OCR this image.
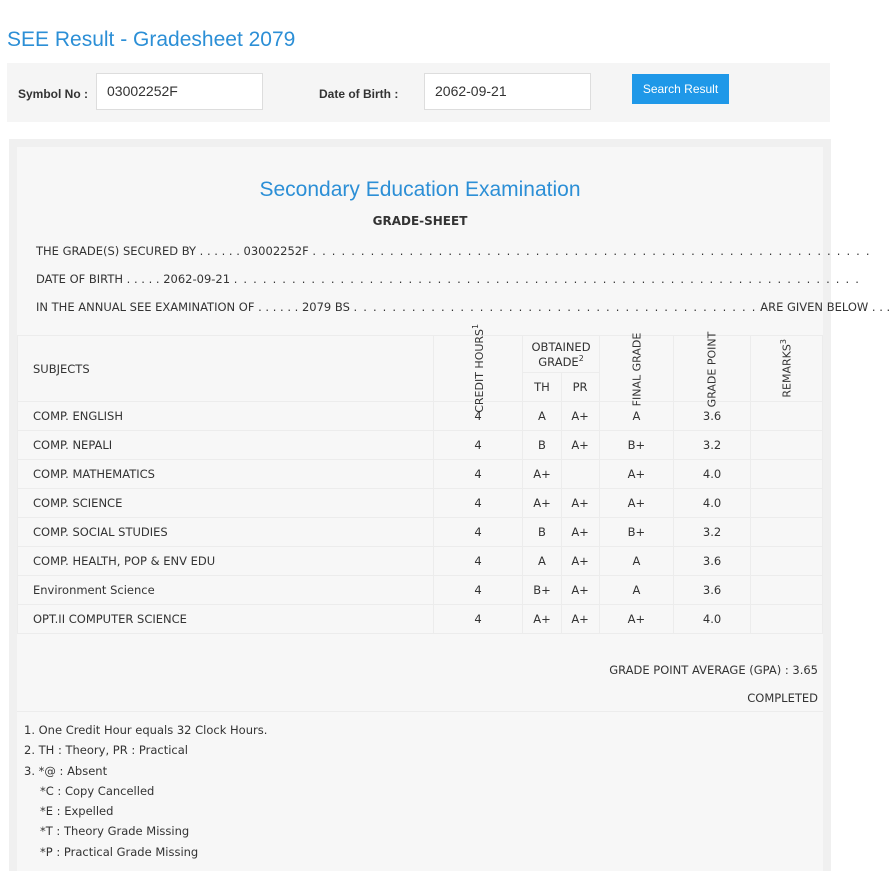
SEE Result - Gradesheet 2079
Symbol No :	03002252F	Date of Birth :	2062-09-21	Search Result
Secondary Education Examination
GRADE-SHEET
THE GRADE(S) SECURED BY . . . . . . 03002252F . . . . . . . . . . . . . . . . . . . . . . . . . . . . . . . . . . . . . . . . . . . . . . . . . . . . . . . . . .
DATE OF BIRTH . . . . . 2062-09-21 . . . . . . . . . . . . . . . . . . . . . . . . . . . . . . . . . . . . . . . . . . . . . . . . . . . . . . . . . . . . . . . . .
IN THE ANNUAL SEE EXAMINATION OF . . . . . . 2079 BS . . . . . . . . . . . . . . . . . . . . . . . . . . . . . . . . . . . . . . . . . . ARE GIVEN BELOW . . .
SUBJECTS	CREDIT HOURS$^1$	OBTAINED GRADE$^2$		FINAL GRADE	GRADE POINT	REMARKS$^3$
		TH	PR			
COMP. ENGLISH	4	A	A+	A	3.6	
COMP. NEPALI	4	B	A+	B+	3.2	
COMP. MATHEMATICS	4	A+		A+	4.0	
COMP. SCIENCE	4	A+	A+	A+	4.0	
COMP. SOCIAL STUDIES	4	B	A+	B+	3.2	
COMP. HEALTH, POP & ENV EDU	4	A	A+	A	3.6	
Environment Science	4	B+	A+	A	3.6	
OPT.II COMPUTER SCIENCE	4	A+	A+	A+	4.0	
GRADE POINT AVERAGE (GPA) : 3.65
COMPLETED
1. One Credit Hour equals 32 Clock Hours.
2. TH : Theory, PR : Practical
3. *@ : Absent
*C : Copy Cancelled
*E : Expelled
*T : Theory Grade Missing
*P : Practical Grade Missing
